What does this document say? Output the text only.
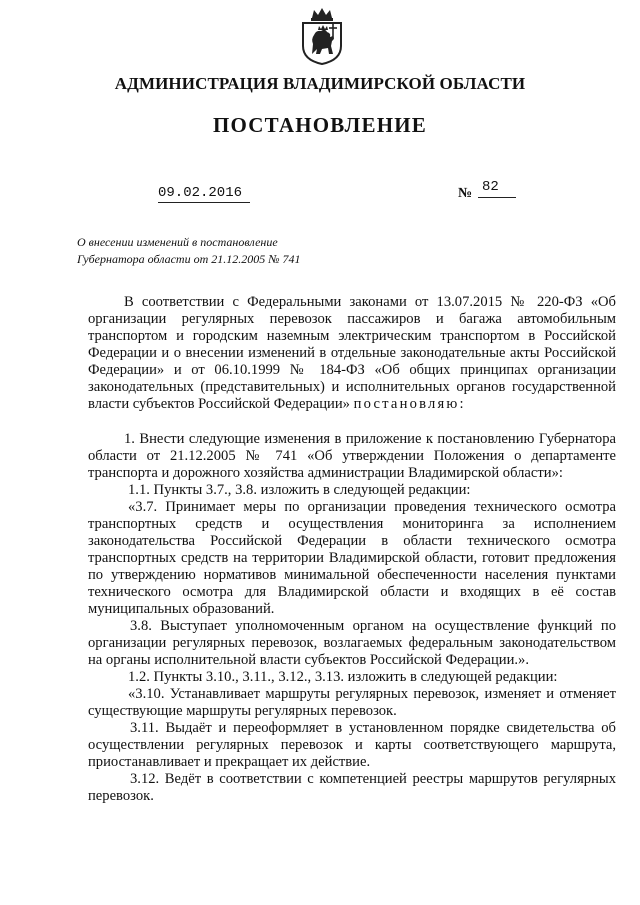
АДМИНИСТРАЦИЯ ВЛАДИМИРСКОЙ ОБЛАСТИ
ПОСТАНОВЛЕНИЕ
09.02.2016	№ 82
О внесении изменений в постановление
Губернатора области от 21.12.2005 № 741

В соответствии с Федеральными законами от 13.07.2015 № 220-ФЗ «Об организации регулярных перевозок пассажиров и багажа автомобильным транспортом и городским наземным электрическим транспортом в Российской Федерации и о внесении изменений в отдельные законодательные акты Российской Федерации» и от 06.10.1999 № 184-ФЗ «Об общих принципах организации законодательных (представительных) и исполнительных органов государственной власти субъектов Российской Федерации» постановляю:

1. Внести следующие изменения в приложение к постановлению Губернатора области от 21.12.2005 № 741 «Об утверждении Положения о департаменте транспорта и дорожного хозяйства администрации Владимирской области»:

1.1. Пункты 3.7., 3.8. изложить в следующей редакции:

«3.7. Принимает меры по организации проведения технического осмотра транспортных средств и осуществления мониторинга за исполнением законодательства Российской Федерации в области технического осмотра транспортных средств на территории Владимирской области, готовит предложения по утверждению нормативов минимальной обеспеченности населения пунктами технического осмотра для Владимирской области и входящих в её состав муниципальных образований.

3.8. Выступает уполномоченным органом на осуществление функций по организации регулярных перевозок, возлагаемых федеральным законодательством на органы исполнительной власти субъектов Российской Федерации.».

1.2. Пункты 3.10., 3.11., 3.12., 3.13. изложить в следующей редакции:

«3.10. Устанавливает маршруты регулярных перевозок, изменяет и отменяет существующие маршруты регулярных перевозок.

3.11. Выдаёт и переоформляет в установленном порядке свидетельства об осуществлении регулярных перевозок и карты соответствующего маршрута, приостанавливает и прекращает их действие.

3.12. Ведёт в соответствии с компетенцией реестры маршрутов регулярных перевозок.
